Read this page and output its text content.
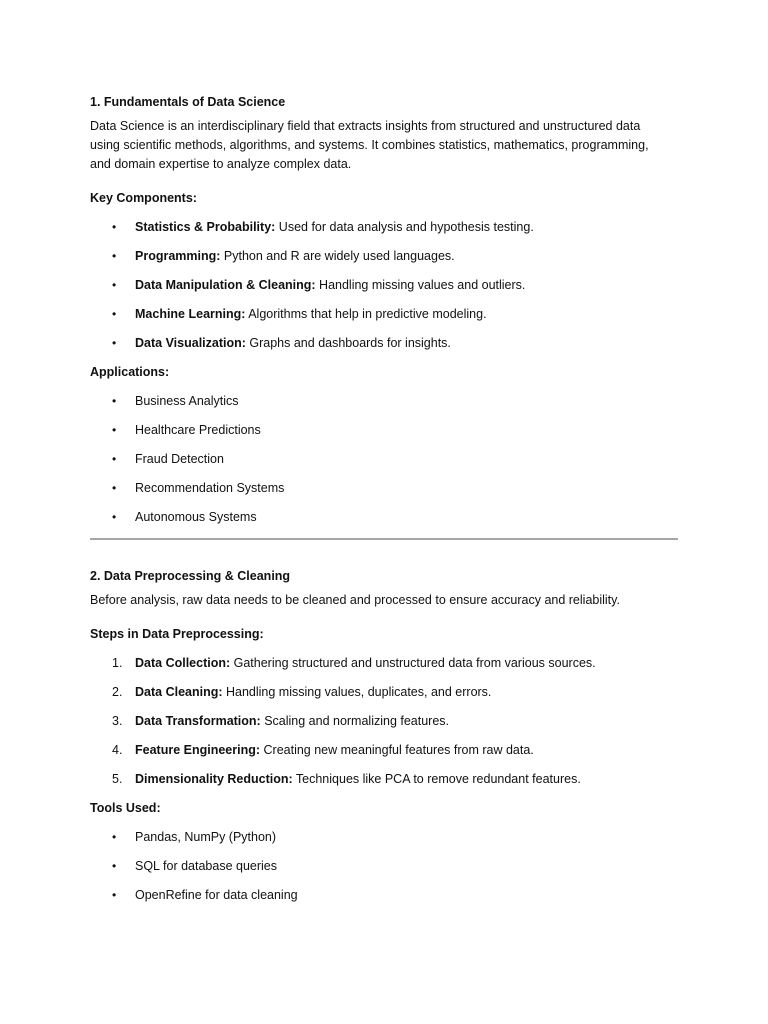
1. Fundamentals of Data Science
Data Science is an interdisciplinary field that extracts insights from structured and unstructured data
using scientific methods, algorithms, and systems. It combines statistics, mathematics, programming,
and domain expertise to analyze complex data.
Key Components:
• Statistics & Probability: Used for data analysis and hypothesis testing.
• Programming: Python and R are widely used languages.
• Data Manipulation & Cleaning: Handling missing values and outliers.
• Machine Learning: Algorithms that help in predictive modeling.
• Data Visualization: Graphs and dashboards for insights.
Applications:
• Business Analytics
• Healthcare Predictions
• Fraud Detection
• Recommendation Systems
• Autonomous Systems
2. Data Preprocessing & Cleaning
Before analysis, raw data needs to be cleaned and processed to ensure accuracy and reliability.
Steps in Data Preprocessing:
1. Data Collection: Gathering structured and unstructured data from various sources.
2. Data Cleaning: Handling missing values, duplicates, and errors.
3. Data Transformation: Scaling and normalizing features.
4. Feature Engineering: Creating new meaningful features from raw data.
5. Dimensionality Reduction: Techniques like PCA to remove redundant features.
Tools Used:
• Pandas, NumPy (Python)
• SQL for database queries
• OpenRefine for data cleaning
